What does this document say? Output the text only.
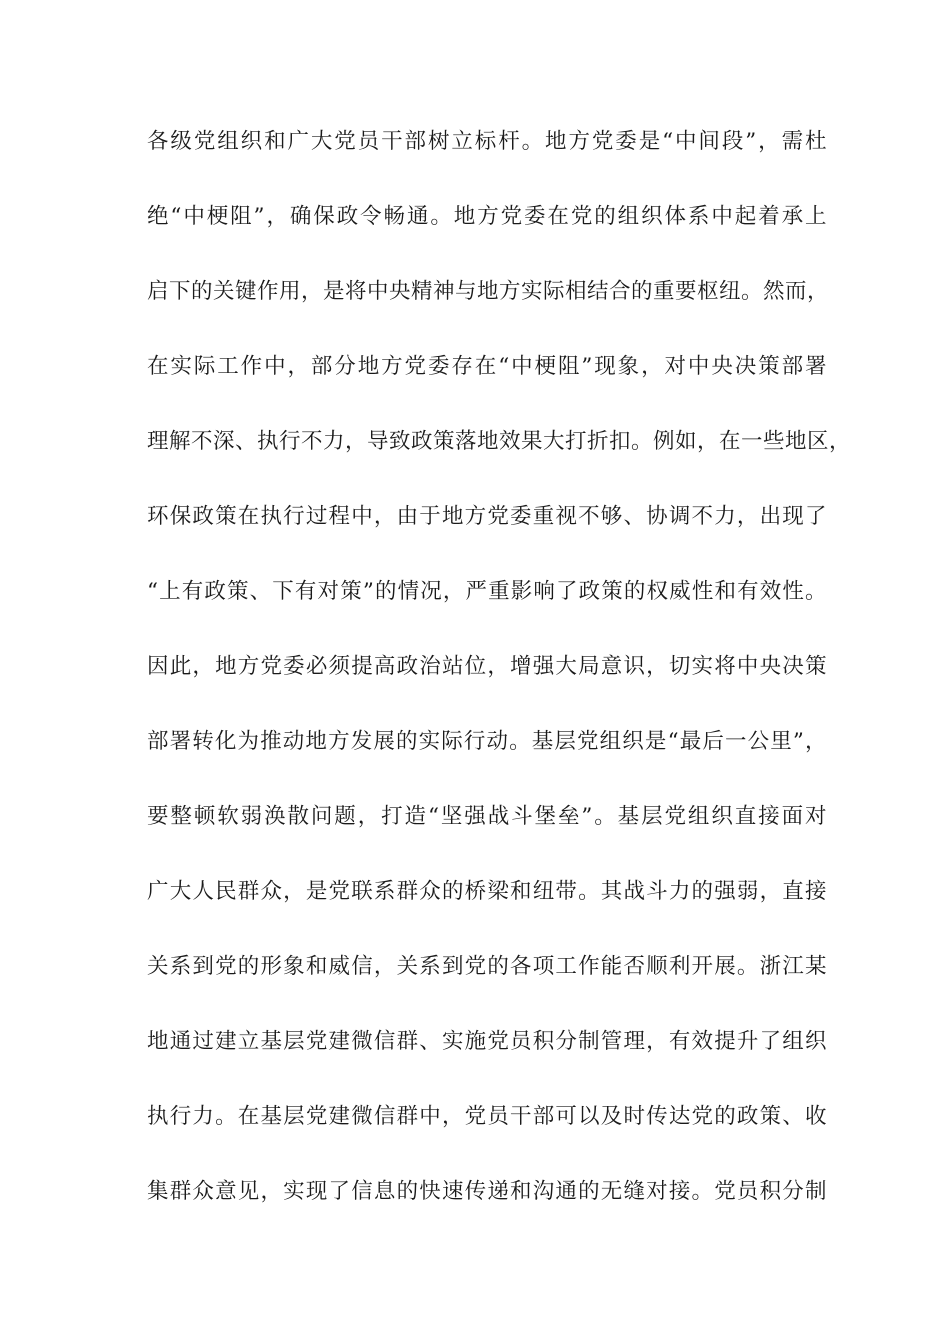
各级党组织和广大党员干部树立标杆。地方党委是“中间段”，需杜
绝“中梗阻”，确保政令畅通。地方党委在党的组织体系中起着承上
启下的关键作用，是将中央精神与地方实际相结合的重要枢纽。然而，
在实际工作中，部分地方党委存在“中梗阻”现象，对中央决策部署
理解不深、执行不力，导致政策落地效果大打折扣。例如，在一些地区，
环保政策在执行过程中，由于地方党委重视不够、协调不力，出现了
“上有政策、下有对策”的情况，严重影响了政策的权威性和有效性。
因此，地方党委必须提高政治站位，增强大局意识，切实将中央决策
部署转化为推动地方发展的实际行动。基层党组织是“最后一公里”，
要整顿软弱涣散问题，打造“坚强战斗堡垒”。基层党组织直接面对
广大人民群众，是党联系群众的桥梁和纽带。其战斗力的强弱，直接
关系到党的形象和威信，关系到党的各项工作能否顺利开展。浙江某
地通过建立基层党建微信群、实施党员积分制管理，有效提升了组织
执行力。在基层党建微信群中，党员干部可以及时传达党的政策、收
集群众意见，实现了信息的快速传递和沟通的无缝对接。党员积分制
